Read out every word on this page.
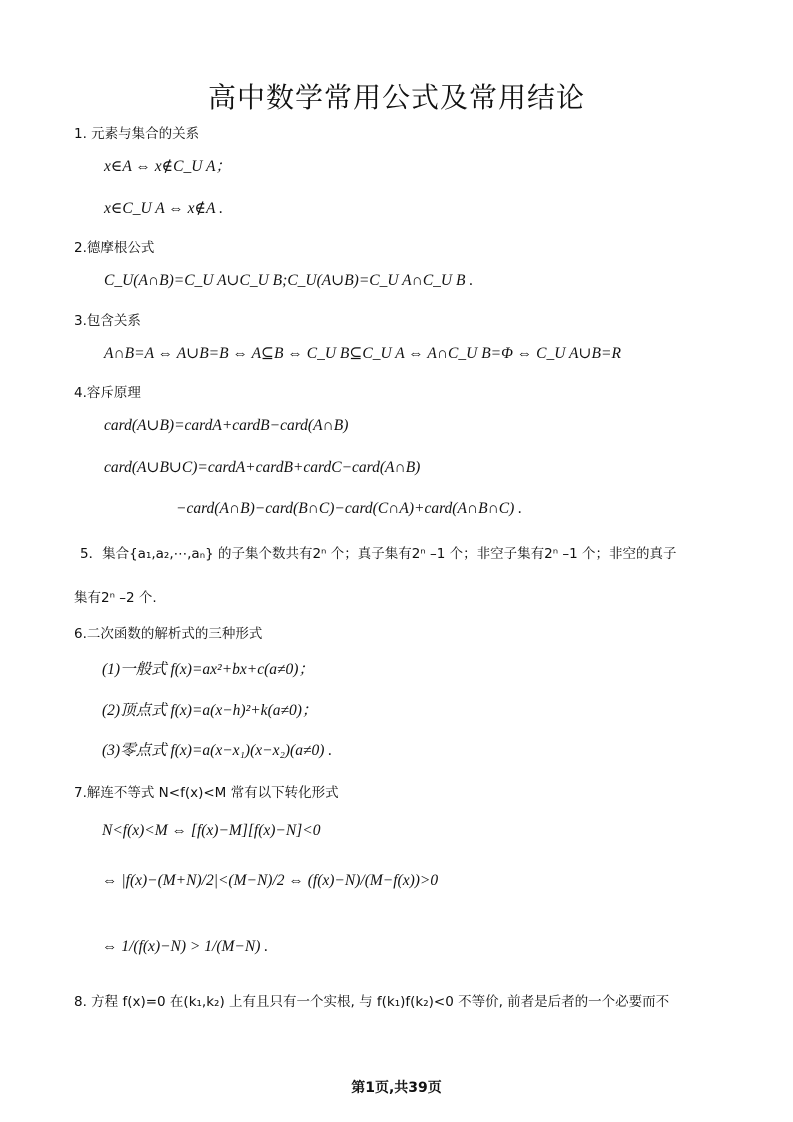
高中数学常用公式及常用结论
1. 元素与集合的关系
x∈A ⇔ x∉C_U A；
x∈C_U A ⇔ x∉A .
2.德摩根公式
C_U(A∩B)=C_U A∪C_U B;C_U(A∪B)=C_U A∩C_U B .
3.包含关系
A∩B=A ⇔ A∪B=B ⇔ A⊆B ⇔ C_U B⊆C_U A ⇔ A∩C_U B=Φ ⇔ C_U A∪B=R
4.容斥原理
card(A∪B)=cardA+cardB−card(A∩B)
card(A∪B∪C)=cardA+cardB+cardC−card(A∩B)
−card(A∩B)−card(B∩C)−card(C∩A)+card(A∩B∩C) .
5．集合{a₁,a₂,⋯,aₙ} 的子集个数共有2ⁿ 个；真子集有2ⁿ –1 个；非空子集有2ⁿ –1 个；非空的真子
集有2ⁿ –2 个.
6.二次函数的解析式的三种形式
(1)一般式 f(x)=ax²+bx+c(a≠0)；
(2)顶点式 f(x)=a(x−h)²+k(a≠0)；
(3)零点式 f(x)=a(x−x₁)(x−x₂)(a≠0) .
7.解连不等式 N<f(x)<M 常有以下转化形式
N<f(x)<M ⇔ [f(x)−M][f(x)−N]<0
⇔ |f(x)−(M+N)/2|<(M−N)/2 ⇔ (f(x)−N)/(M−f(x))>0
⇔ 1/(f(x)−N) > 1/(M−N) .
8. 方程 f(x)=0 在(k₁,k₂) 上有且只有一个实根, 与 f(k₁)f(k₂)<0 不等价, 前者是后者的一个必要而不
第1页,共39页
